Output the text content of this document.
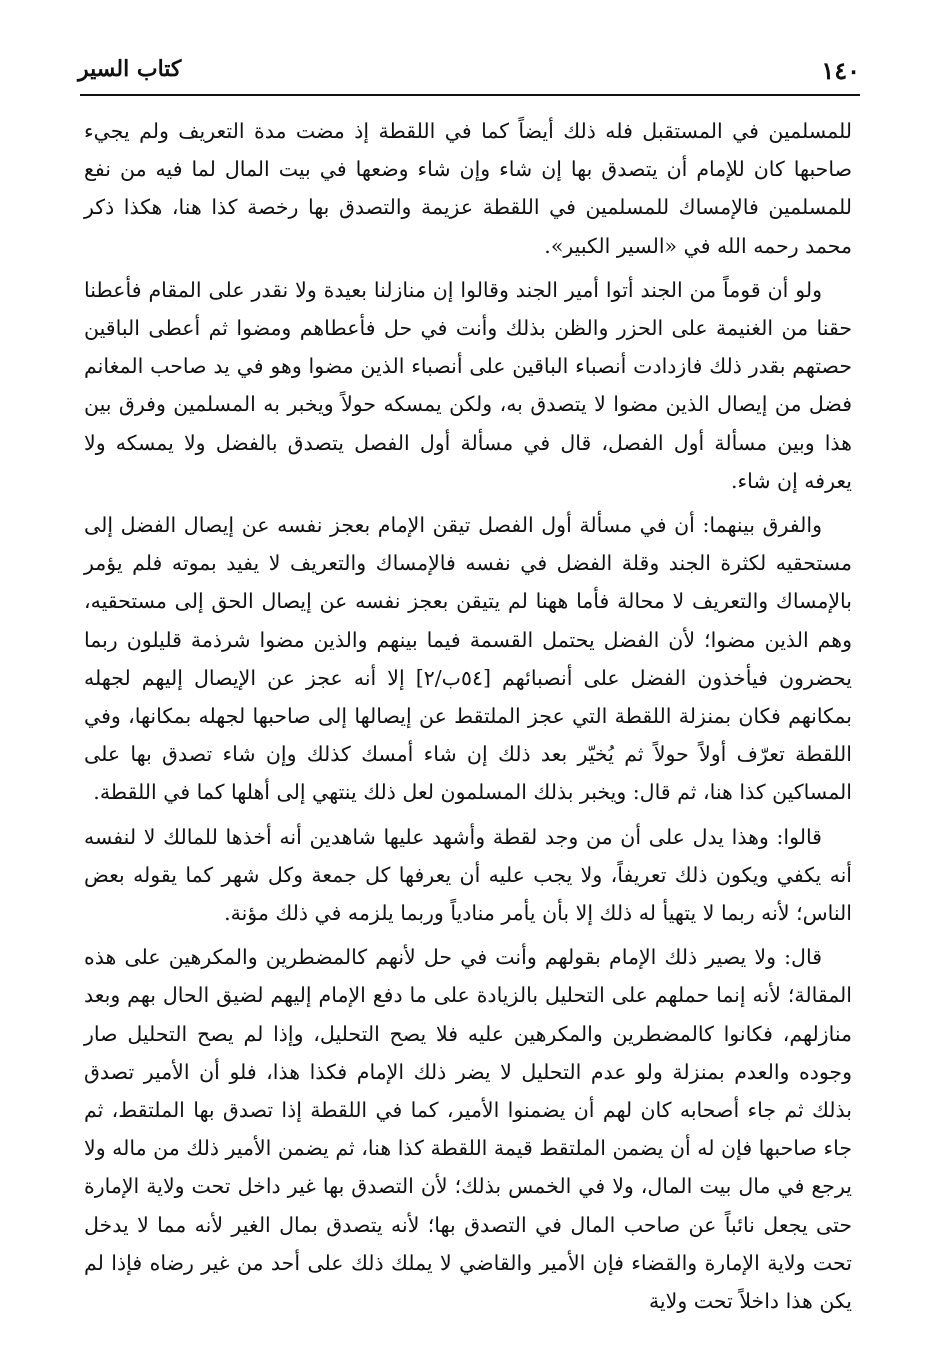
١٤٠
كتاب السير

للمسلمين في المستقبل فله ذلك أيضاً كما في اللقطة إذ مضت مدة التعريف ولم يجيء صاحبها كان للإمام أن يتصدق بها إن شاء وإن شاء وضعها في بيت المال لما فيه من نفع للمسلمين فالإمساك للمسلمين في اللقطة عزيمة والتصدق بها رخصة كذا هنا، هكذا ذكر محمد رحمه الله في «السير الكبير».

ولو أن قوماً من الجند أتوا أمير الجند وقالوا إن منازلنا بعيدة ولا نقدر على المقام فأعطنا حقنا من الغنيمة على الحزر والظن بذلك وأنت في حل فأعطاهم ومضوا ثم أعطى الباقين حصتهم بقدر ذلك فازدادت أنصباء الباقين على أنصباء الذين مضوا وهو في يد صاحب المغانم فضل من إيصال الذين مضوا لا يتصدق به، ولكن يمسكه حولاً ويخبر به المسلمين وفرق بين هذا وبين مسألة أول الفصل، قال في مسألة أول الفصل يتصدق بالفضل ولا يمسكه ولا يعرفه إن شاء.

والفرق بينهما: أن في مسألة أول الفصل تيقن الإمام بعجز نفسه عن إيصال الفضل إلى مستحقيه لكثرة الجند وقلة الفضل في نفسه فالإمساك والتعريف لا يفيد بموته فلم يؤمر بالإمساك والتعريف لا محالة فأما ههنا لم يتيقن بعجز نفسه عن إيصال الحق إلى مستحقيه، وهم الذين مضوا؛ لأن الفضل يحتمل القسمة فيما بينهم والذين مضوا شرذمة قليلون ربما يحضرون فيأخذون الفضل على أنصبائهم [٥٤ب/٢] إلا أنه عجز عن الإيصال إليهم لجهله بمكانهم فكان بمنزلة اللقطة التي عجز الملتقط عن إيصالها إلى صاحبها لجهله بمكانها، وفي اللقطة تعرّف أولاً حولاً ثم يُخيّر بعد ذلك إن شاء أمسك كذلك وإن شاء تصدق بها على المساكين كذا هنا، ثم قال: ويخبر بذلك المسلمون لعل ذلك ينتهي إلى أهلها كما في اللقطة.

قالوا: وهذا يدل على أن من وجد لقطة وأشهد عليها شاهدين أنه أخذها للمالك لا لنفسه أنه يكفي ويكون ذلك تعريفاً، ولا يجب عليه أن يعرفها كل جمعة وكل شهر كما يقوله بعض الناس؛ لأنه ربما لا يتهيأ له ذلك إلا بأن يأمر منادياً وربما يلزمه في ذلك مؤنة.

قال: ولا يصير ذلك الإمام بقولهم وأنت في حل لأنهم كالمضطرين والمكرهين على هذه المقالة؛ لأنه إنما حملهم على التحليل بالزيادة على ما دفع الإمام إليهم لضيق الحال بهم وبعد منازلهم، فكانوا كالمضطرين والمكرهين عليه فلا يصح التحليل، وإذا لم يصح التحليل صار وجوده والعدم بمنزلة ولو عدم التحليل لا يضر ذلك الإمام فكذا هذا، فلو أن الأمير تصدق بذلك ثم جاء أصحابه كان لهم أن يضمنوا الأمير، كما في اللقطة إذا تصدق بها الملتقط، ثم جاء صاحبها فإن له أن يضمن الملتقط قيمة اللقطة كذا هنا، ثم يضمن الأمير ذلك من ماله ولا يرجع في مال بيت المال، ولا في الخمس بذلك؛ لأن التصدق بها غير داخل تحت ولاية الإمارة حتى يجعل نائباً عن صاحب المال في التصدق بها؛ لأنه يتصدق بمال الغير لأنه مما لا يدخل تحت ولاية الإمارة والقضاء فإن الأمير والقاضي لا يملك ذلك على أحد من غير رضاه فإذا لم يكن هذا داخلاً تحت ولاية
